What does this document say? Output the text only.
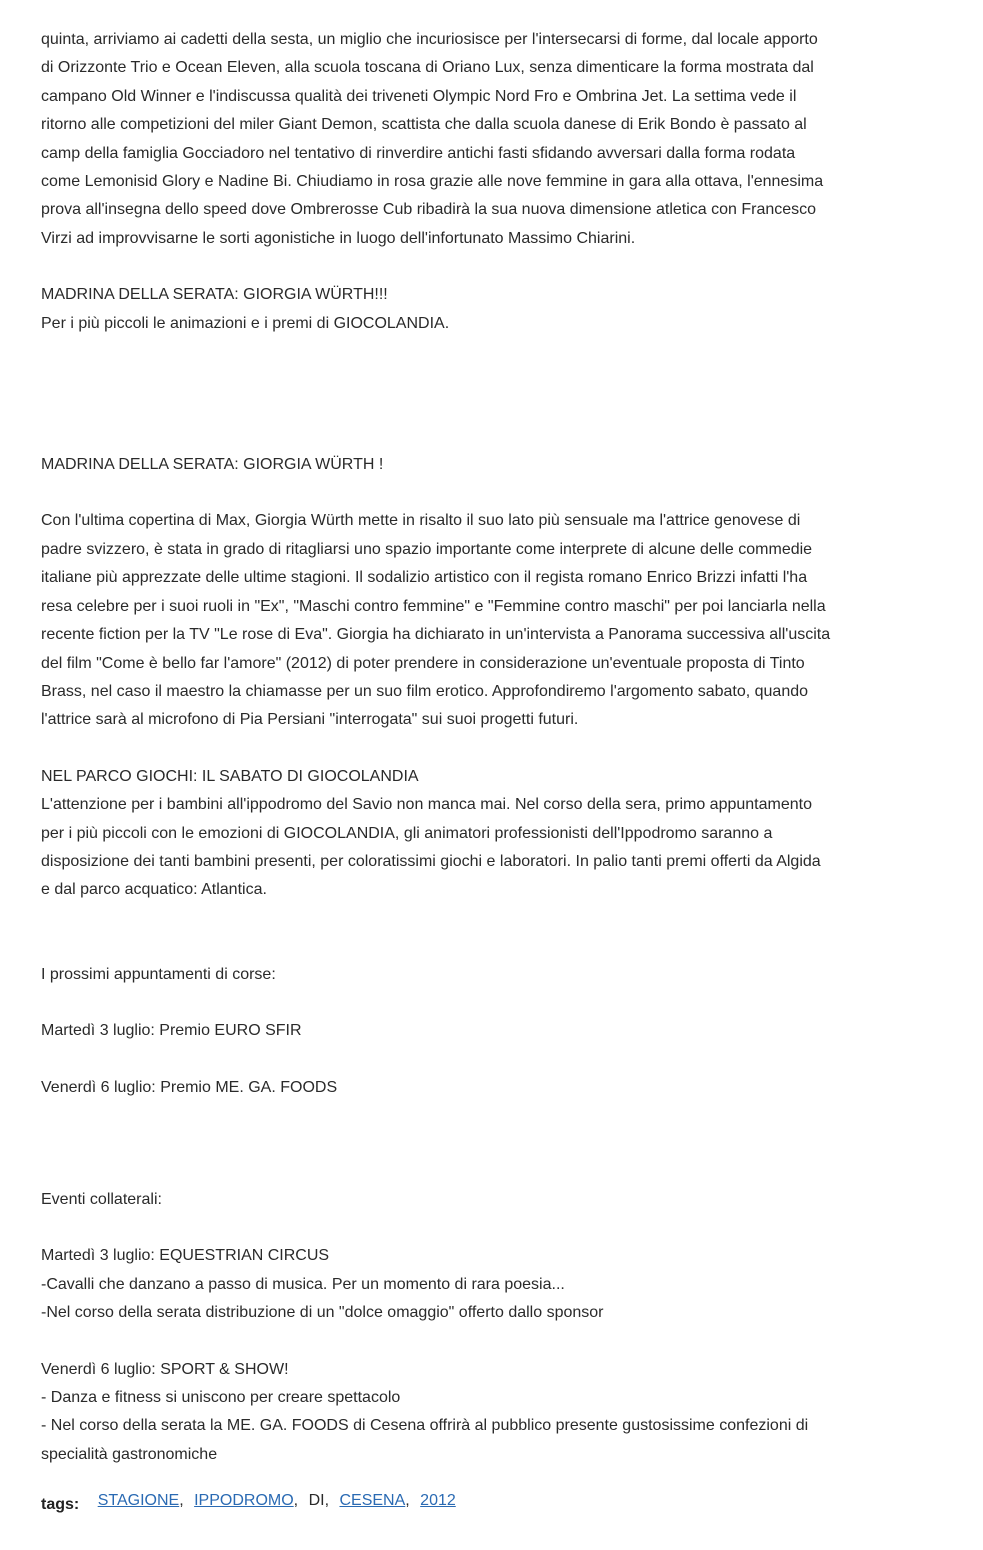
quinta, arriviamo ai cadetti della sesta, un miglio che incuriosisce per l'intersecarsi di forme, dal locale apporto
di Orizzonte Trio e Ocean Eleven, alla scuola toscana di Oriano Lux, senza dimenticare la forma mostrata dal
campano Old Winner e l'indiscussa qualità dei triveneti Olympic Nord Fro e Ombrina Jet. La settima vede il
ritorno alle competizioni del miler Giant Demon, scattista che dalla scuola danese di Erik Bondo è passato al
camp della famiglia Gocciadoro nel tentativo di rinverdire antichi fasti sfidando avversari dalla forma rodata
come Lemonisid Glory e Nadine Bi. Chiudiamo in rosa grazie alle nove femmine in gara alla ottava, l'ennesima
prova all'insegna dello speed dove Ombrerosse Cub ribadirà la sua nuova dimensione atletica con Francesco
Virzi ad improvvisarne le sorti agonistiche in luogo dell'infortunato Massimo Chiarini.

MADRINA DELLA SERATA: GIORGIA WÜRTH!!!
Per i più piccoli le animazioni e i premi di GIOCOLANDIA.

MADRINA DELLA SERATA: GIORGIA WÜRTH !

Con l'ultima copertina di Max, Giorgia Würth mette in risalto il suo lato più sensuale ma l'attrice genovese di
padre svizzero, è stata in grado di ritagliarsi uno spazio importante come interprete di alcune delle commedie
italiane più apprezzate delle ultime stagioni. Il sodalizio artistico con il regista romano Enrico Brizzi infatti l'ha
resa celebre per i suoi ruoli in "Ex", "Maschi contro femmine" e "Femmine contro maschi" per poi lanciarla nella
recente fiction per la TV "Le rose di Eva". Giorgia ha dichiarato in un'intervista a Panorama successiva all'uscita
del film "Come è bello far l'amore" (2012) di poter prendere in considerazione un'eventuale proposta di Tinto
Brass, nel caso il maestro la chiamasse per un suo film erotico. Approfondiremo l'argomento sabato, quando
l'attrice sarà al microfono di Pia Persiani "interrogata" sui suoi progetti futuri.

NEL PARCO GIOCHI: IL SABATO DI GIOCOLANDIA
L'attenzione per i bambini all'ippodromo del Savio non manca mai. Nel corso della sera, primo appuntamento
per i più piccoli con le emozioni di GIOCOLANDIA, gli animatori professionisti dell'Ippodromo saranno a
disposizione dei tanti bambini presenti, per coloratissimi giochi e laboratori. In palio tanti premi offerti da Algida
e dal parco acquatico: Atlantica.

I prossimi appuntamenti di corse:

Martedì 3 luglio: Premio EURO SFIR

Venerdì 6 luglio: Premio ME. GA. FOODS

Eventi collaterali:

Martedì 3 luglio: EQUESTRIAN CIRCUS
-Cavalli che danzano a passo di musica. Per un momento di rara poesia...
-Nel corso della serata distribuzione di un "dolce omaggio" offerto dallo sponsor

Venerdì 6 luglio: SPORT & SHOW!
- Danza e fitness si uniscono per creare spettacolo
- Nel corso della serata la ME. GA. FOODS di Cesena offrirà al pubblico presente gustosissime confezioni di
specialità gastronomiche

tags: STAGIONE, IPPODROMO, DI, CESENA, 2012
